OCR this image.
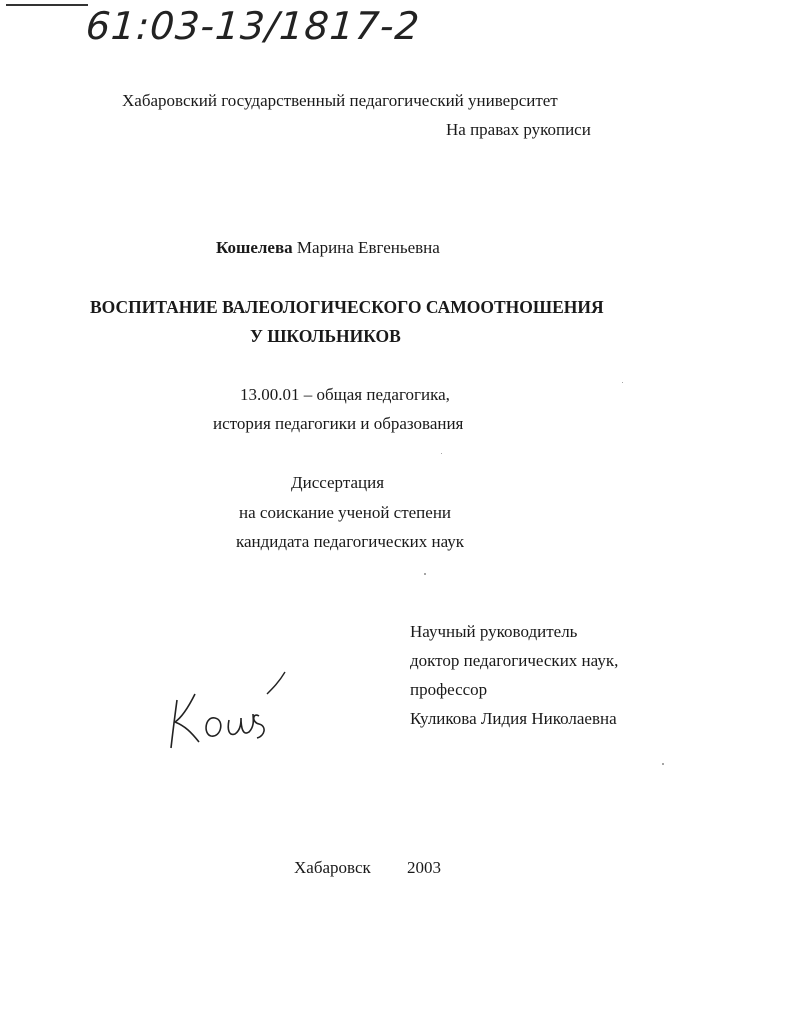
61:03-13/1817-2
Хабаровский государственный педагогический университет
На правах рукописи
Кошелева Марина Евгеньевна
ВОСПИТАНИЕ ВАЛЕОЛОГИЧЕСКОГО САМООТНОШЕНИЯ
У ШКОЛЬНИКОВ
13.00.01 – общая педагогика,
история педагогики и образования
Диссертация
на соискание ученой степени
кандидата педагогических наук
Научный руководитель
доктор педагогических наук,
профессор
Куликова Лидия Николаевна
Хабаровск 2003
